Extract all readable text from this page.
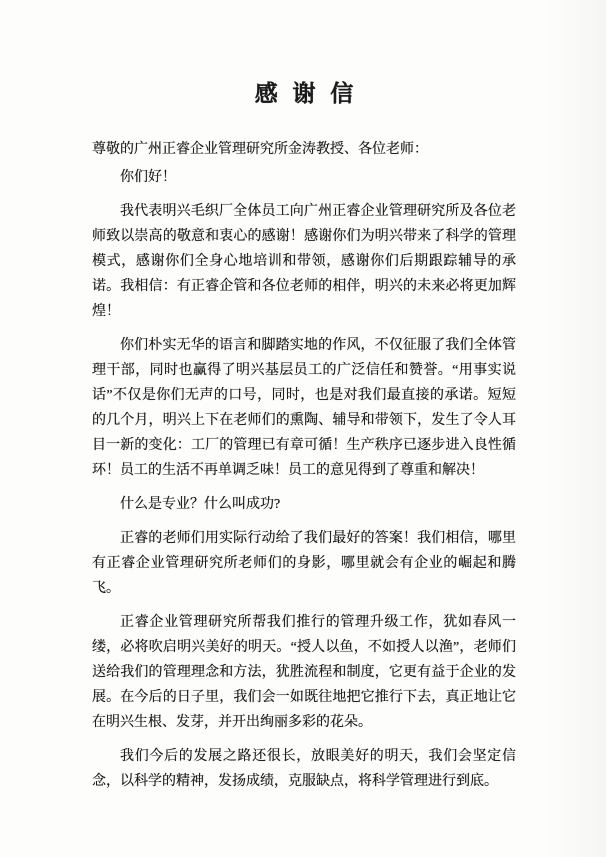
感 谢 信
尊敬的广州正睿企业管理研究所金涛教授、各位老师：
你们好！

我代表明兴毛织厂全体员工向广州正睿企业管理研究所及各位老师致以崇高的敬意和衷心的感谢！感谢你们为明兴带来了科学的管理模式，感谢你们全身心地培训和带领，感谢你们后期跟踪辅导的承诺。我相信：有正睿企管和各位老师的相伴，明兴的未来必将更加辉煌！

你们朴实无华的语言和脚踏实地的作风，不仅征服了我们全体管理干部，同时也赢得了明兴基层员工的广泛信任和赞誉。“用事实说话”不仅是你们无声的口号，同时，也是对我们最直接的承诺。短短的几个月，明兴上下在老师们的熏陶、辅导和带领下，发生了令人耳目一新的变化：工厂的管理已有章可循！生产秩序已逐步进入良性循环！员工的生活不再单调乏味！员工的意见得到了尊重和解决！

什么是专业？什么叫成功?

正睿的老师们用实际行动给了我们最好的答案！我们相信，哪里有正睿企业管理研究所老师们的身影，哪里就会有企业的崛起和腾飞。

正睿企业管理研究所帮我们推行的管理升级工作，犹如春风一缕，必将吹启明兴美好的明天。“授人以鱼，不如授人以渔”，老师们送给我们的管理理念和方法，犹胜流程和制度，它更有益于企业的发展。在今后的日子里，我们会一如既往地把它推行下去，真正地让它在明兴生根、发芽，并开出绚丽多彩的花朵。

我们今后的发展之路还很长，放眼美好的明天，我们会坚定信念，以科学的精神，发扬成绩，克服缺点，将科学管理进行到底。
